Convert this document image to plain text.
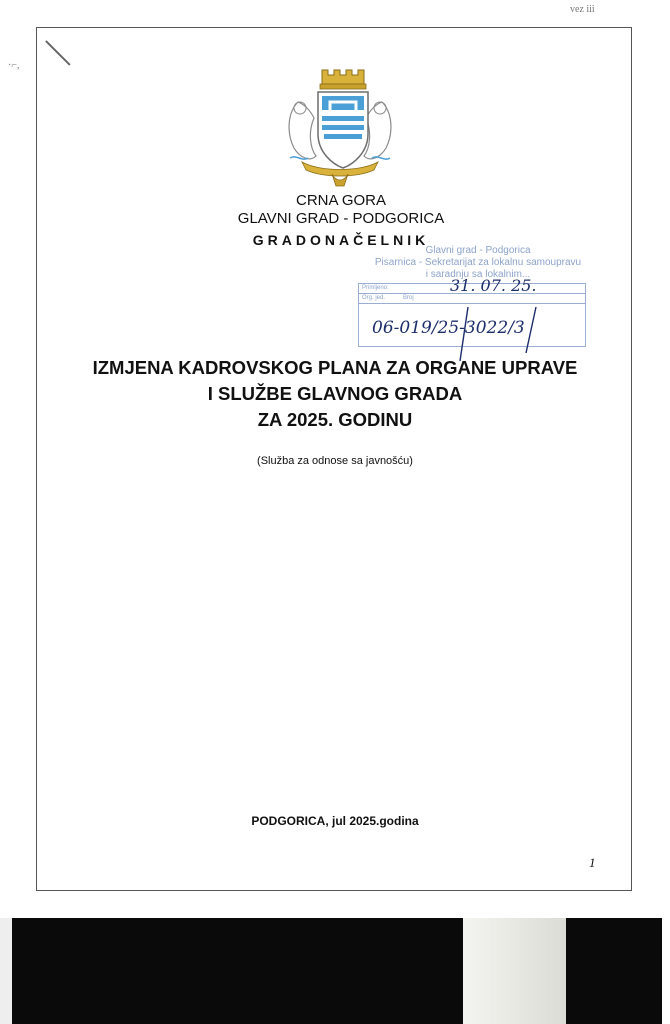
vez iii
·⌐,
CRNA GORA
GLAVNI GRAD - PODGORICA
GRADONAČELNIK
Glavni grad - Podgorica
Pisarnica - Sekretarijat za lokalnu samoupravu
i saradnju sa lokalnim...
Primljeno:
Org. jed.	Broj
31. 07. 25.
06-019/25-3022/3
IZMJENA KADROVSKOG PLANA ZA ORGANE UPRAVE
I SLUŽBE GLAVNOG GRADA
ZA 2025. GODINU
(Služba za odnose sa javnošću)
PODGORICA, jul 2025.godina
1
